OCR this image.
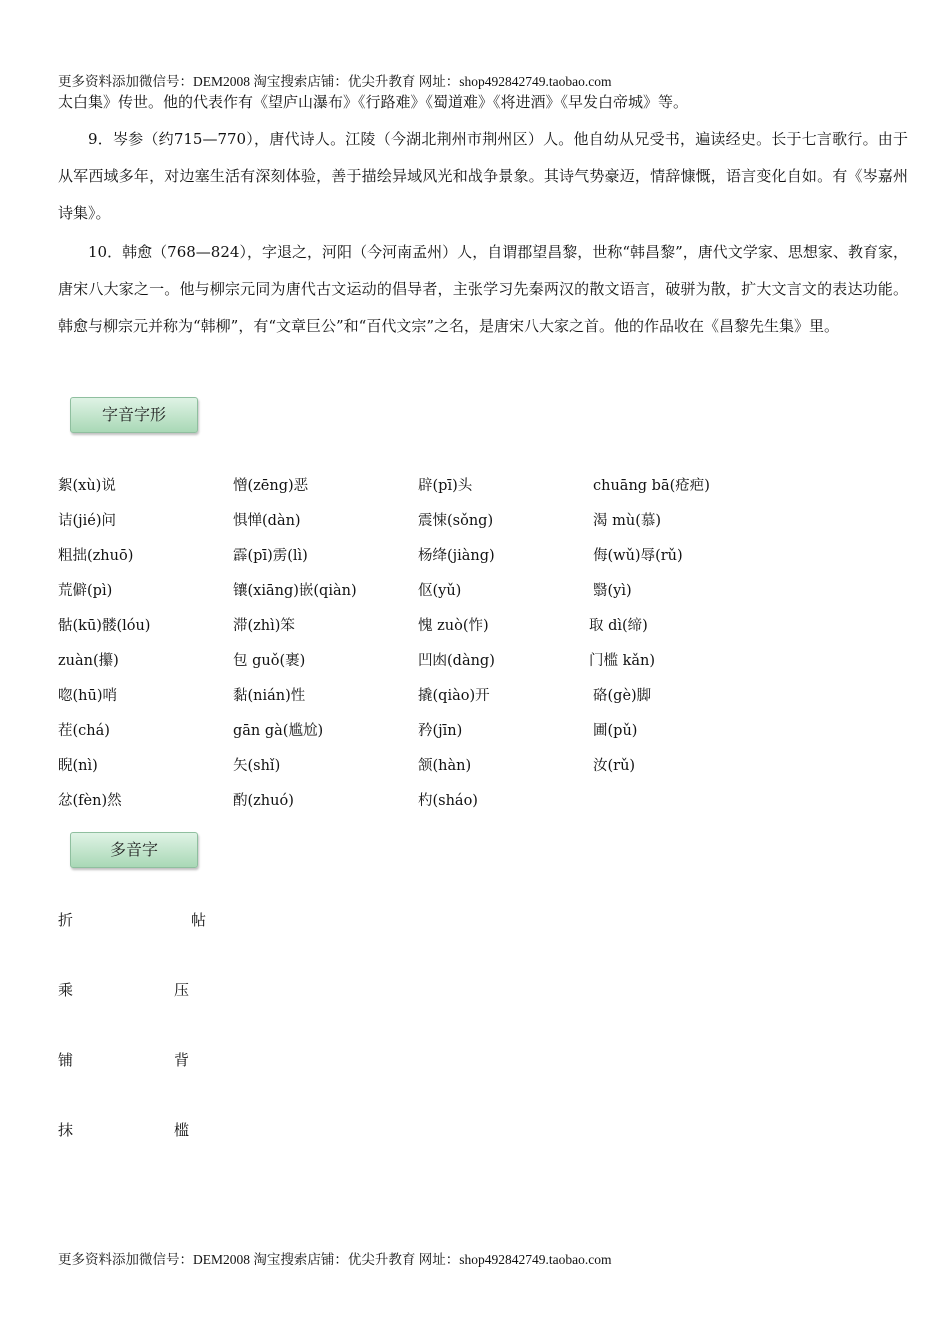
更多资料添加微信号：DEM2008 淘宝搜索店铺：优尖升教育 网址：shop492842749.taobao.com

太白集》传世。他的代表作有《望庐山瀑布》《行路难》《蜀道难》《将进酒》《早发白帝城》等。

9．岑参（约715—770），唐代诗人。江陵（今湖北荆州市荆州区）人。他自幼从兄受书，遍读经史。长于七言歌行。由于从军西域多年，对边塞生活有深刻体验，善于描绘异域风光和战争景象。其诗气势豪迈，情辞慷慨，语言变化自如。有《岑嘉州诗集》。

10．韩愈（768—824），字退之，河阳（今河南孟州）人，自谓郡望昌黎，世称“韩昌黎”，唐代文学家、思想家、教育家，唐宋八大家之一。他与柳宗元同为唐代古文运动的倡导者，主张学习先秦两汉的散文语言，破骈为散，扩大文言文的表达功能。韩愈与柳宗元并称为“韩柳”，有“文章巨公”和“百代文宗”之名，是唐宋八大家之首。他的作品收在《昌黎先生集》里。

字音字形
絮(xù)说	憎(zēng)恶	辟(pī)头	chuāng bā(疮疤)
诘(jié)问	惧惮(dàn)	震悚(sǒng)	渴 mù(慕)
粗拙(zhuō)	霹(pī)雳(lì)	杨绛(jiàng)	侮(wǔ)辱(rǔ)
荒僻(pì)	镶(xiāng)嵌(qiàn)	伛(yǔ)	翳(yì)
骷(kū)髅(lóu)	滞(zhì)笨	愧 zuò(怍)	取 dì(缔)
zuàn(攥)	包 guǒ(裹)	凹凼(dàng)	门槛 kǎn)
唿(hū)哨	黏(nián)性	撬(qiào)开	硌(gè)脚
茬(chá)	gān gà(尴尬)	矜(jīn)	圃(pǔ)
睨(nì)	矢(shǐ)	颔(hàn)	汝(rǔ)
忿(fèn)然	酌(zhuó)	杓(sháo)
多音字
折	帖
乘	压
铺	背
抹	槛
更多资料添加微信号：DEM2008 淘宝搜索店铺：优尖升教育 网址：shop492842749.taobao.com
